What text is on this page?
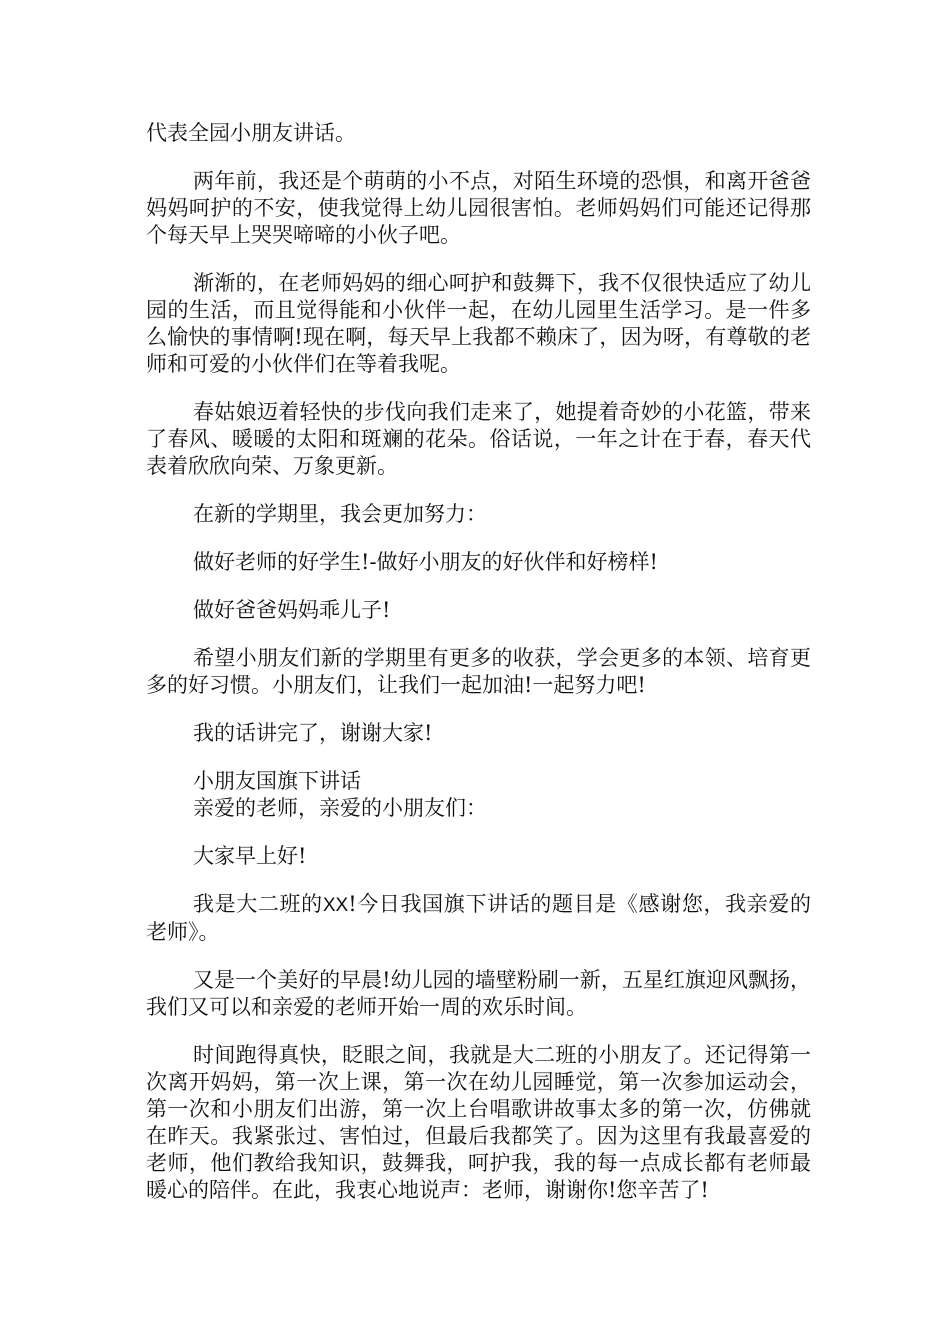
代表全园小朋友讲话。

两年前，我还是个萌萌的小不点，对陌生环境的恐惧，和离开爸爸妈妈呵护的不安，使我觉得上幼儿园很害怕。老师妈妈们可能还记得那个每天早上哭哭啼啼的小伙子吧。

渐渐的，在老师妈妈的细心呵护和鼓舞下，我不仅很快适应了幼儿园的生活，而且觉得能和小伙伴一起，在幼儿园里生活学习。是一件多么愉快的事情啊!现在啊，每天早上我都不赖床了，因为呀，有尊敬的老师和可爱的小伙伴们在等着我呢。

春姑娘迈着轻快的步伐向我们走来了，她提着奇妙的小花篮，带来了春风、暖暖的太阳和斑斓的花朵。俗话说，一年之计在于春，春天代表着欣欣向荣、万象更新。

在新的学期里，我会更加努力：

做好老师的好学生!-做好小朋友的好伙伴和好榜样!

做好爸爸妈妈乖儿子!

希望小朋友们新的学期里有更多的收获，学会更多的本领、培育更多的好习惯。小朋友们，让我们一起加油!一起努力吧!

我的话讲完了，谢谢大家!

小朋友国旗下讲话

亲爱的老师，亲爱的小朋友们：

大家早上好!

我是大二班的XX!今日我国旗下讲话的题目是《感谢您，我亲爱的老师》。

又是一个美好的早晨!幼儿园的墙壁粉刷一新，五星红旗迎风飘扬，我们又可以和亲爱的老师开始一周的欢乐时间。

时间跑得真快，眨眼之间，我就是大二班的小朋友了。还记得第一次离开妈妈，第一次上课，第一次在幼儿园睡觉，第一次参加运动会，第一次和小朋友们出游，第一次上台唱歌讲故事太多的第一次，仿佛就在昨天。我紧张过、害怕过，但最后我都笑了。因为这里有我最喜爱的老师，他们教给我知识，鼓舞我，呵护我，我的每一点成长都有老师最暖心的陪伴。在此，我衷心地说声：老师，谢谢你!您辛苦了!
